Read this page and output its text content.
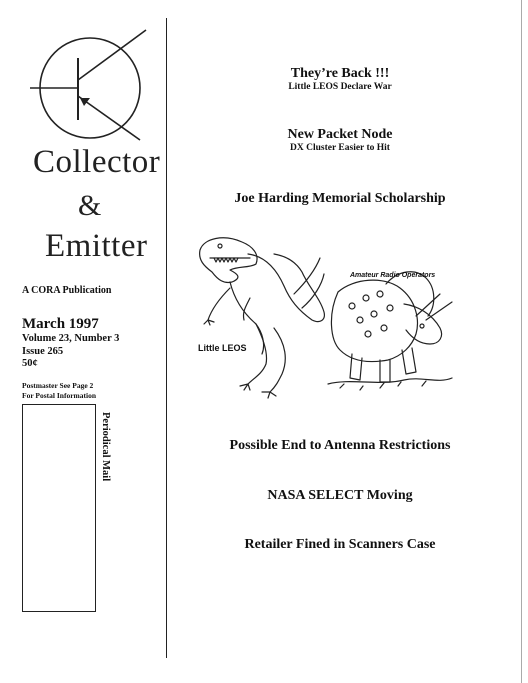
Collector
&
Emitter
A CORA Publication
March 1997
Volume 23, Number 3
Issue 265
50¢
Postmaster See Page 2
For Postal Information
Periodical Mail
They’re Back !!!
Little LEOS Declare War
New Packet Node
DX Cluster Easier to Hit
Joe Harding Memorial Scholarship
Possible End to Antenna Restrictions
NASA SELECT Moving
Retailer Fined in Scanners Case
Little LEOS
Amateur Radio Operators
